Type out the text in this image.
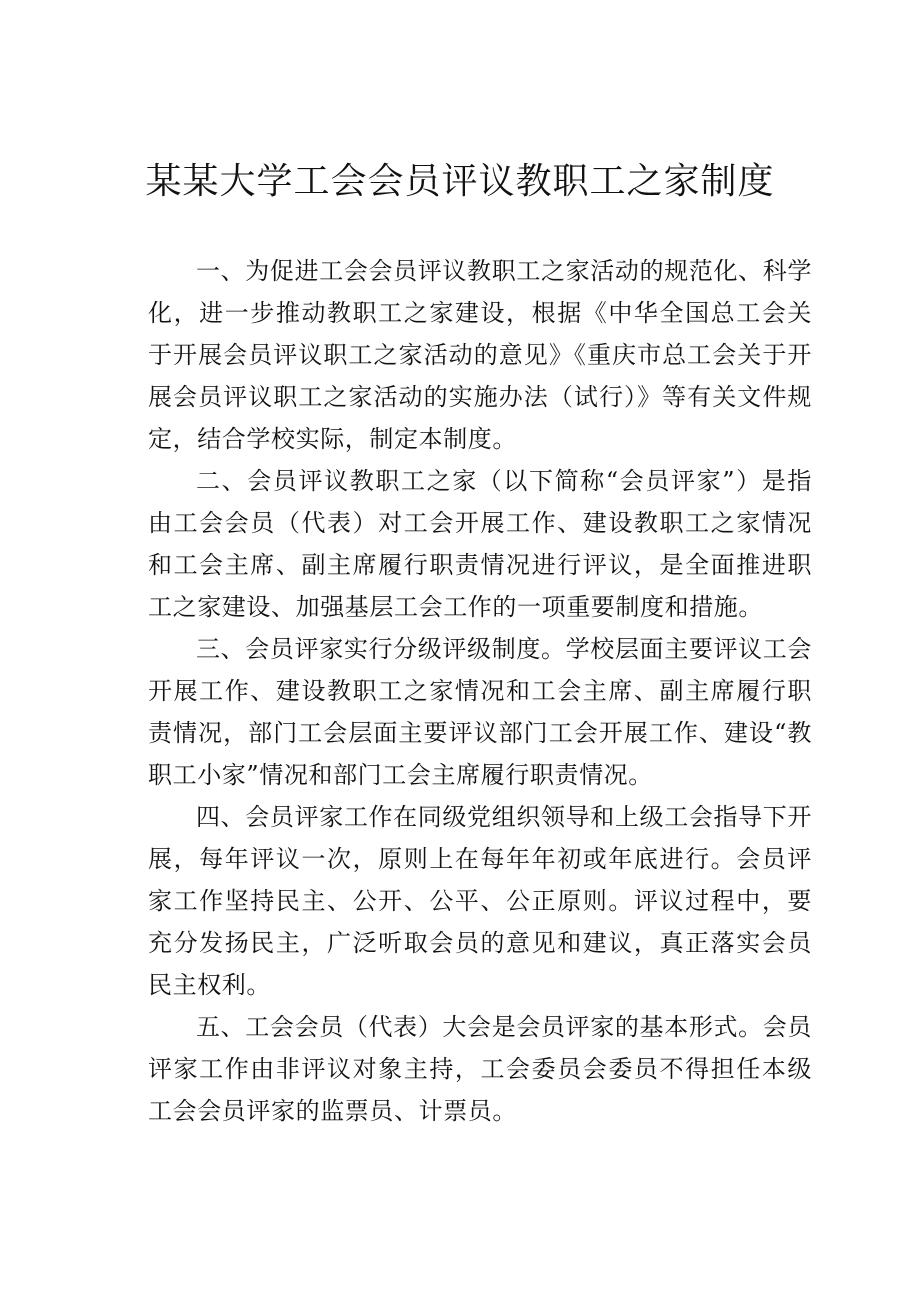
某某大学工会会员评议教职工之家制度

一、为促进工会会员评议教职工之家活动的规范化、科学化，进一步推动教职工之家建设，根据《中华全国总工会关于开展会员评议职工之家活动的意见》《重庆市总工会关于开展会员评议职工之家活动的实施办法（试行）》等有关文件规定，结合学校实际，制定本制度。

二、会员评议教职工之家（以下简称“会员评家”）是指由工会会员（代表）对工会开展工作、建设教职工之家情况和工会主席、副主席履行职责情况进行评议，是全面推进职工之家建设、加强基层工会工作的一项重要制度和措施。

三、会员评家实行分级评级制度。学校层面主要评议工会开展工作、建设教职工之家情况和工会主席、副主席履行职责情况，部门工会层面主要评议部门工会开展工作、建设“教职工小家”情况和部门工会主席履行职责情况。

四、会员评家工作在同级党组织领导和上级工会指导下开展，每年评议一次，原则上在每年年初或年底进行。会员评家工作坚持民主、公开、公平、公正原则。评议过程中，要充分发扬民主，广泛听取会员的意见和建议，真正落实会员民主权利。

五、工会会员（代表）大会是会员评家的基本形式。会员评家工作由非评议对象主持，工会委员会委员不得担任本级工会会员评家的监票员、计票员。
